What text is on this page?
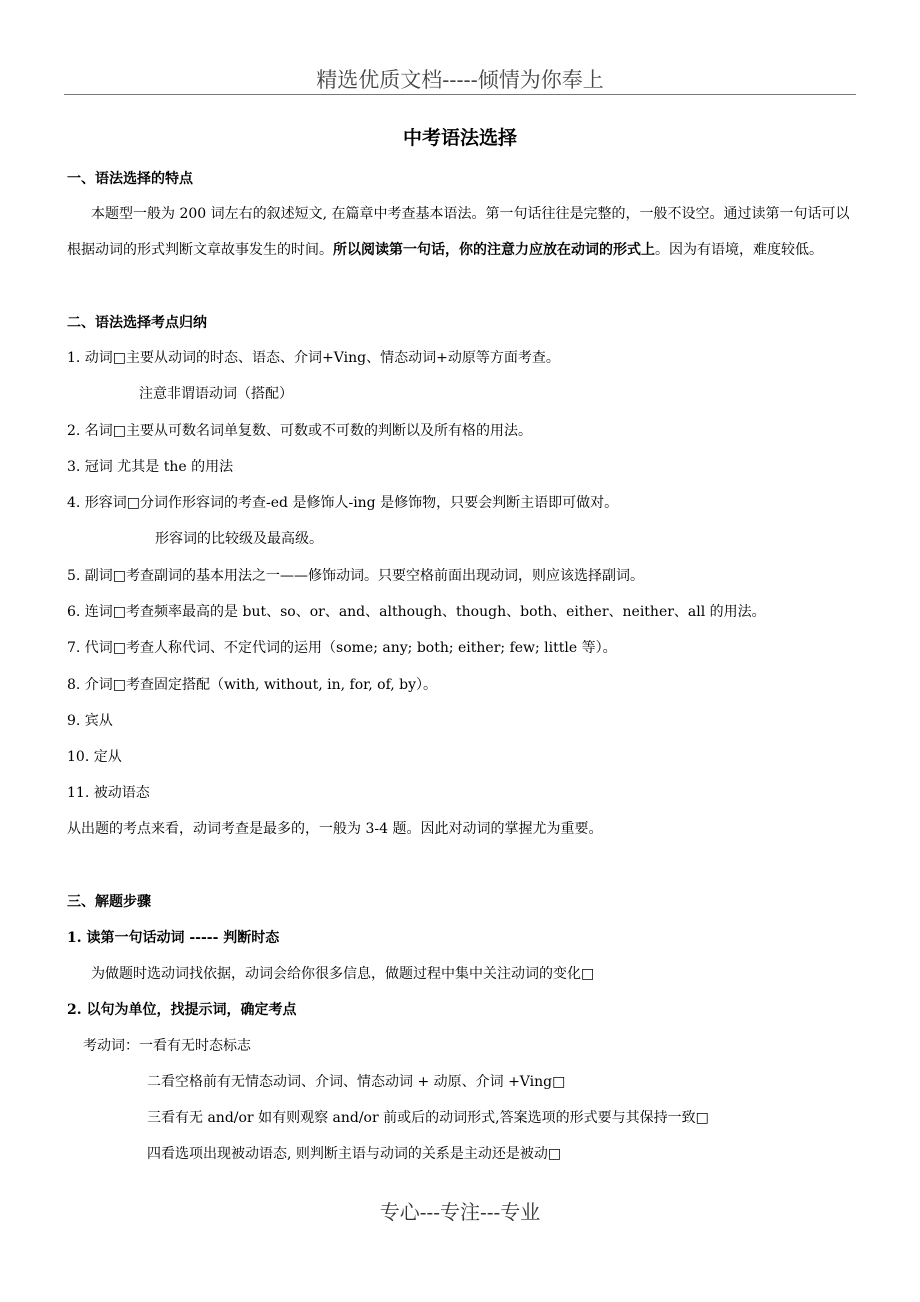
精选优质文档-----倾情为你奉上
中考语法选择
一、语法选择的特点
本题型一般为 200 词左右的叙述短文, 在篇章中考查基本语法。第一句话往往是完整的，一般不设空。通过读第一句话可以根据动词的形式判断文章故事发生的时间。所以阅读第一句话，你的注意力应放在动词的形式上。因为有语境，难度较低。
二、语法选择考点归纳
1. 动词□主要从动词的时态、语态、介词+Ving、情态动词+动原等方面考查。
注意非谓语动词（搭配）
2. 名词□主要从可数名词单复数、可数或不可数的判断以及所有格的用法。
3. 冠词 尤其是 the 的用法
4. 形容词□分词作形容词的考查-ed 是修饰人-ing 是修饰物，只要会判断主语即可做对。
形容词的比较级及最高级。
5. 副词□考查副词的基本用法之一——修饰动词。只要空格前面出现动词，则应该选择副词。
6. 连词□考查频率最高的是 but、so、or、and、although、though、both、either、neither、all 的用法。
7. 代词□考查人称代词、不定代词的运用（some; any; both; either; few; little 等）。
8. 介词□考查固定搭配（with, without, in, for, of, by）。
9. 宾从
10. 定从
11. 被动语态
从出题的考点来看，动词考查是最多的，一般为 3-4 题。因此对动词的掌握尤为重要。
三、解题步骤
1. 读第一句话动词 ----- 判断时态
为做题时选动词找依据，动词会给你很多信息，做题过程中集中关注动词的变化□
2. 以句为单位，找提示词，确定考点
考动词：一看有无时态标志
二看空格前有无情态动词、介词、情态动词 + 动原、介词 +Ving□
三看有无 and/or 如有则观察 and/or 前或后的动词形式,答案选项的形式要与其保持一致□
四看选项出现被动语态, 则判断主语与动词的关系是主动还是被动□
专心---专注---专业
